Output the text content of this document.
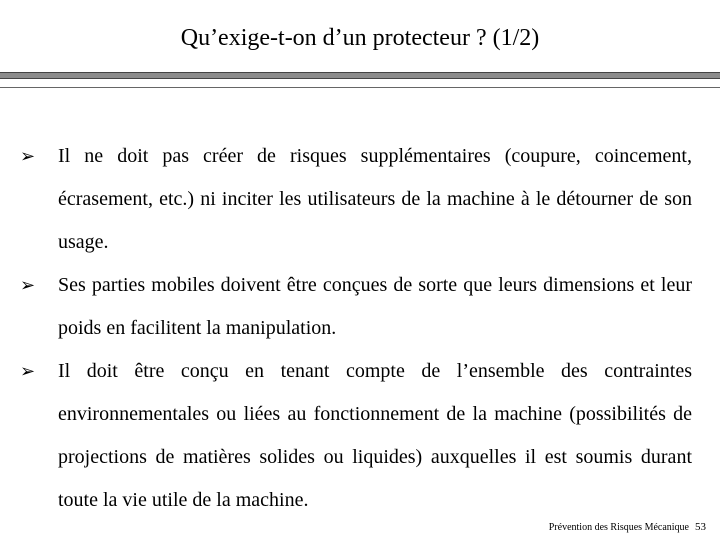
Qu’exige-t-on d’un protecteur ? (1/2)
➢ Il ne doit pas créer de risques supplémentaires (coupure, coincement, écrasement, etc.) ni inciter les utilisateurs de la machine à le détourner de son usage.
➢ Ses parties mobiles doivent être conçues de sorte que leurs dimensions et leur poids en facilitent la manipulation.
➢ Il doit être conçu en tenant compte de l’ensemble des contraintes environnementales ou liées au fonctionnement de la machine (possibilités de projections de matières solides ou liquides) auxquelles il est soumis durant toute la vie utile de la machine.
Prévention des Risques Mécanique 53
